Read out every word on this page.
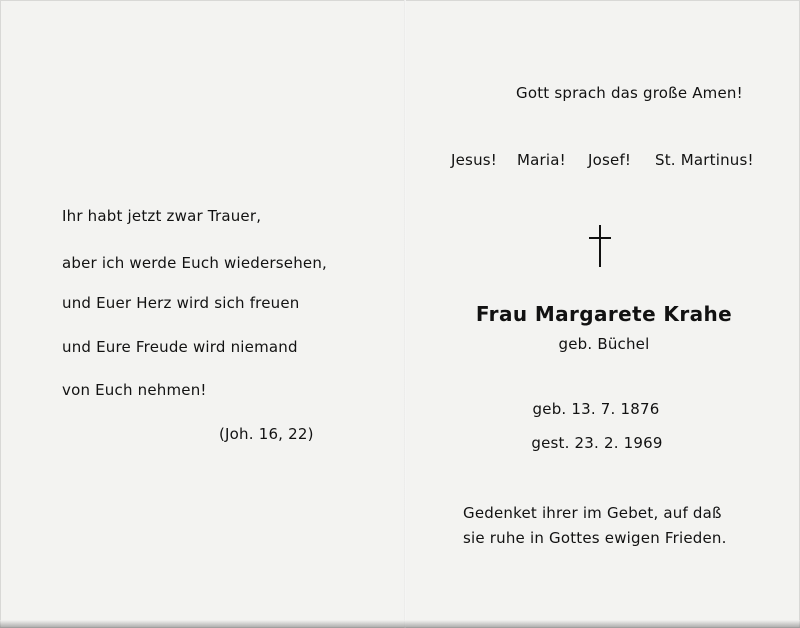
Ihr habt jetzt zwar Trauer,
aber ich werde Euch wiedersehen,
und Euer Herz wird sich freuen
und Eure Freude wird niemand
von Euch nehmen!
(Joh. 16, 22)
Gott sprach das große Amen!
Jesus! Maria! Josef! St. Martinus!
Frau Margarete Krahe
geb. Büchel
geb. 13. 7. 1876
gest. 23. 2. 1969
Gedenket ihrer im Gebet, auf daß
sie ruhe in Gottes ewigen Frieden.
